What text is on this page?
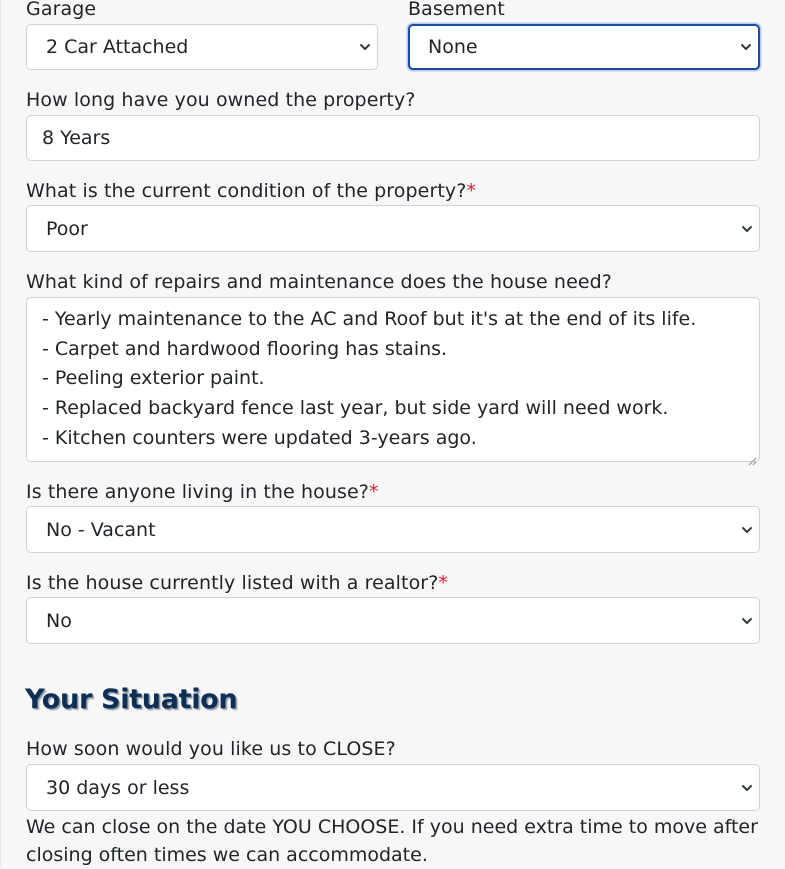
Garage
2 Car Attached
Basement
None
How long have you owned the property?
8 Years
What is the current condition of the property?*
Poor
What kind of repairs and maintenance does the house need?
- Yearly maintenance to the AC and Roof but it's at the end of its life.
- Carpet and hardwood flooring has stains.
- Peeling exterior paint.
- Replaced backyard fence last year, but side yard will need work.
- Kitchen counters were updated 3-years ago.
Is there anyone living in the house?*
No - Vacant
Is the house currently listed with a realtor?*
No
Your Situation
How soon would you like us to CLOSE?
30 days or less
We can close on the date YOU CHOOSE. If you need extra time to move after closing often times we can accommodate.
